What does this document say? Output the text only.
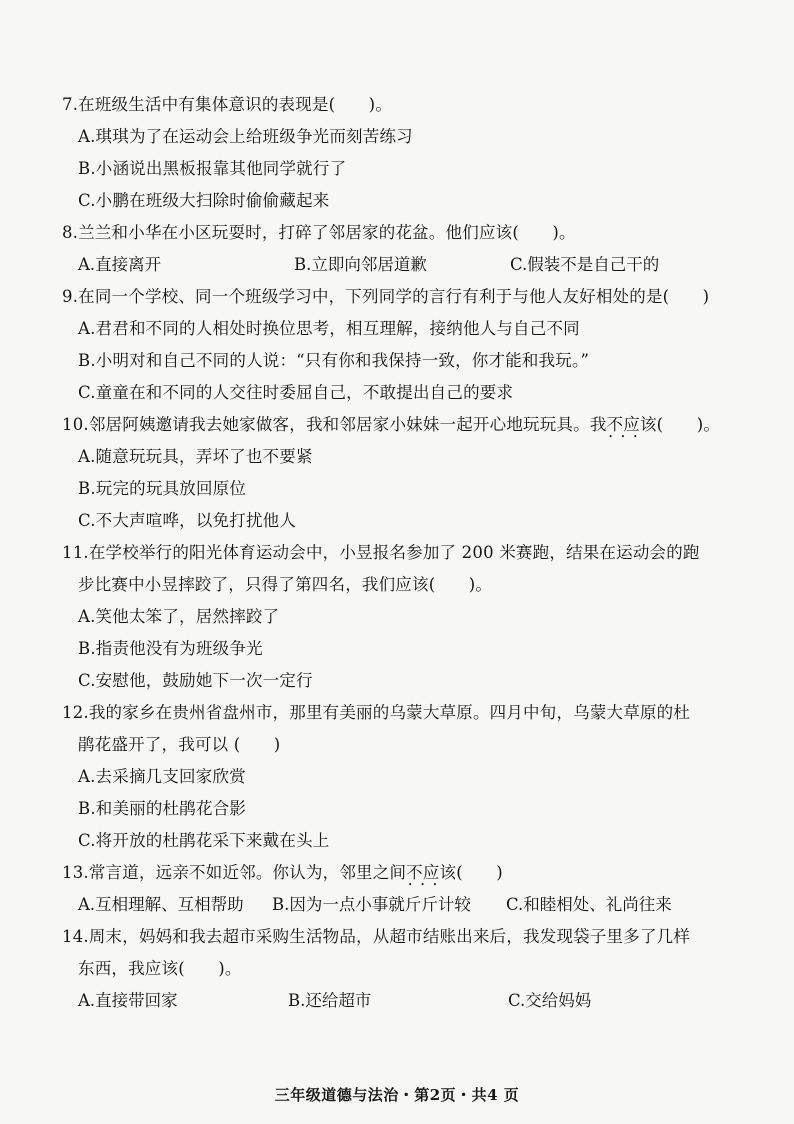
7.在班级生活中有集体意识的表现是(　　)。
A.琪琪为了在运动会上给班级争光而刻苦练习
B.小涵说出黑板报靠其他同学就行了
C.小鹏在班级大扫除时偷偷藏起来
8.兰兰和小华在小区玩耍时，打碎了邻居家的花盆。他们应该(　　)。
A.直接离开	B.立即向邻居道歉	C.假装不是自己干的
9.在同一个学校、同一个班级学习中，下列同学的言行有利于与他人友好相处的是(　　)
A.君君和不同的人相处时换位思考，相互理解，接纳他人与自己不同
B.小明对和自己不同的人说：“只有你和我保持一致，你才能和我玩。”
C.童童在和不同的人交往时委屈自己，不敢提出自己的要求
10.邻居阿姨邀请我去她家做客，我和邻居家小妹妹一起开心地玩玩具。我不应该 • • •(　　)。
A.随意玩玩具，弄坏了也不要紧
B.玩完的玩具放回原位
C.不大声喧哗，以免打扰他人
11.在学校举行的阳光体育运动会中，小昱报名参加了 200 米赛跑，结果在运动会的跑
步比赛中小昱摔跤了，只得了第四名，我们应该(　　)。
A.笑他太笨了，居然摔跤了
B.指责他没有为班级争光
C.安慰他，鼓励她下一次一定行
12.我的家乡在贵州省盘州市，那里有美丽的乌蒙大草原。四月中旬，乌蒙大草原的杜
鹃花盛开了，我可以 (　　)
A.去采摘几支回家欣赏
B.和美丽的杜鹃花合影
C.将开放的杜鹃花采下来戴在头上
13.常言道，远亲不如近邻。你认为，邻里之间不应该 • • •(　　)
A.互相理解、互相帮助 B.因为一点小事就斤斤计较 C.和睦相处、礼尚往来
14.周末，妈妈和我去超市采购生活物品，从超市结账出来后，我发现袋子里多了几样
东西，我应该(　　)。
A.直接带回家	B.还给超市	C.交给妈妈
三年级道德与法治・第2页・共4 页
